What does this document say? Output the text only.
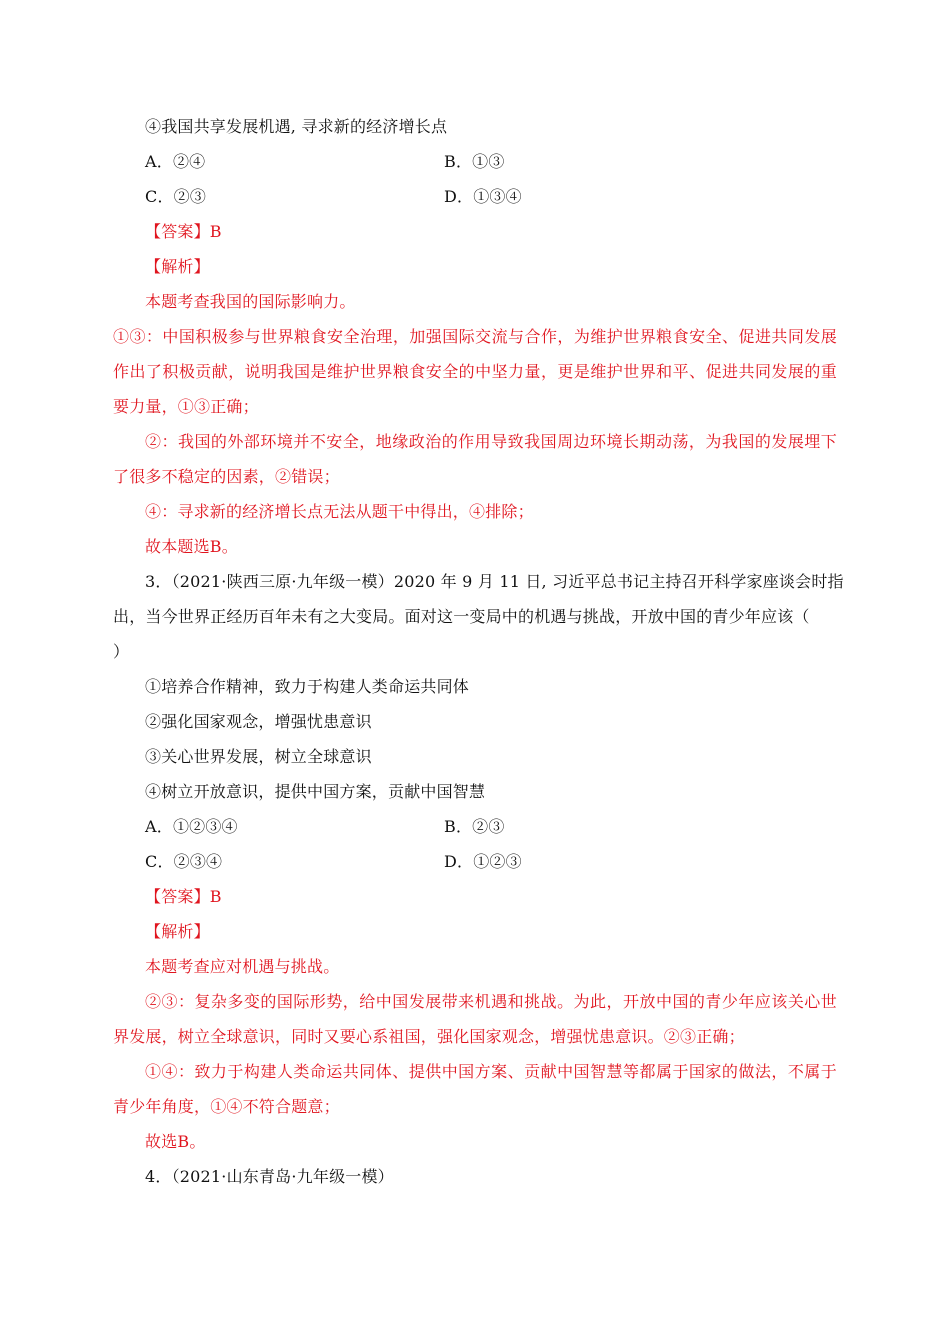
④我国共享发展机遇, 寻求新的经济增长点
A．②④	B．①③
C．②③	D．①③④
【答案】B
【解析】
本题考查我国的国际影响力。
①③：中国积极参与世界粮食安全治理，加强国际交流与合作，为维护世界粮食安全、促进共同发展作出了积极贡献，说明我国是维护世界粮食安全的中坚力量，更是维护世界和平、促进共同发展的重要力量，①③正确；
②：我国的外部环境并不安全，地缘政治的作用导致我国周边环境长期动荡，为我国的发展埋下了很多不稳定的因素，②错误；
④：寻求新的经济增长点无法从题干中得出，④排除；
故本题选B。
3．（2021·陕西三原·九年级一模）2020 年 9 月 11 日, 习近平总书记主持召开科学家座谈会时指
出，当今世界正经历百年未有之大变局。面对这一变局中的机遇与挑战，开放中国的青少年应该（
）
①培养合作精神，致力于构建人类命运共同体
②强化国家观念，增强忧患意识
③关心世界发展，树立全球意识
④树立开放意识，提供中国方案，贡献中国智慧
A．①②③④	B．②③
C．②③④	D．①②③
【答案】B
【解析】
本题考查应对机遇与挑战。
②③：复杂多变的国际形势，给中国发展带来机遇和挑战。为此，开放中国的青少年应该关心世界发展，树立全球意识，同时又要心系祖国，强化国家观念，增强忧患意识。②③正确；
①④：致力于构建人类命运共同体、提供中国方案、贡献中国智慧等都属于国家的做法，不属于青少年角度，①④不符合题意；
故选B。
4．（2021·山东青岛·九年级一模）
